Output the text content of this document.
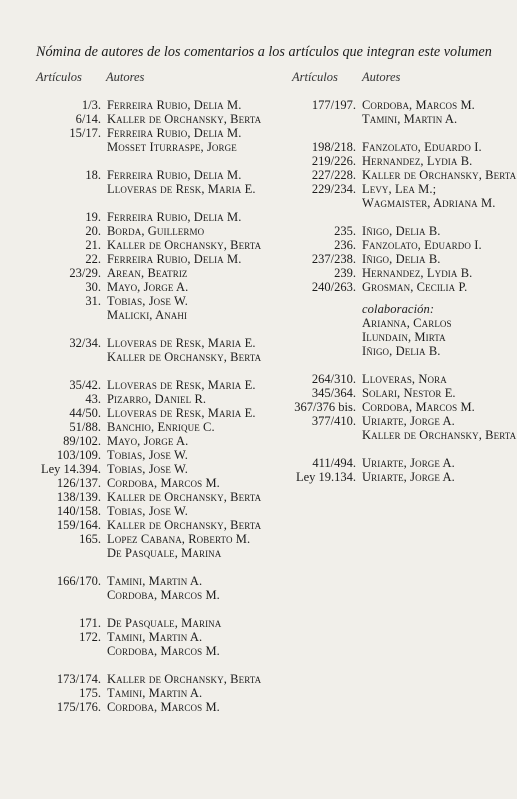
Nómina de autores de los comentarios a los artículos que integran este volumen
Artículos Autores	Artículos Autores
1/3. Ferreira Rubio, Delia M.
6/14. Kaller de Orchansky, Berta
15/17. Ferreira Rubio, Delia M.
Mosset Iturraspe, Jorge
18. Ferreira Rubio, Delia M.
Lloveras de Resk, Maria E.
19. Ferreira Rubio, Delia M.
20. Borda, Guillermo
21. Kaller de Orchansky, Berta
22. Ferreira Rubio, Delia M.
23/29. Arean, Beatriz
30. Mayo, Jorge A.
31. Tobias, Jose W.
Malicki, Anahi
32/34. Lloveras de Resk, Maria E.
Kaller de Orchansky, Berta
35/42. Lloveras de Resk, Maria E.
43. Pizarro, Daniel R.
44/50. Lloveras de Resk, Maria E.
51/88. Banchio, Enrique C.
89/102. Mayo, Jorge A.
103/109. Tobias, Jose W.
Ley 14.394. Tobias, Jose W.
126/137. Cordoba, Marcos M.
138/139. Kaller de Orchansky, Berta
140/158. Tobias, Jose W.
159/164. Kaller de Orchansky, Berta
165. Lopez Cabana, Roberto M.
De Pasquale, Marina
166/170. Tamini, Martin A.
Cordoba, Marcos M.
171. De Pasquale, Marina
172. Tamini, Martin A.
Cordoba, Marcos M.
173/174. Kaller de Orchansky, Berta
175. Tamini, Martin A.
175/176. Cordoba, Marcos M.
177/197. Cordoba, Marcos M.
Tamini, Martin A.
198/218. Fanzolato, Eduardo I.
219/226. Hernandez, Lydia B.
227/228. Kaller de Orchansky, Berta
229/234. Levy, Lea M.;
Wagmaister, Adriana M.
235. Iñigo, Delia B.
236. Fanzolato, Eduardo I.
237/238. Iñigo, Delia B.
239. Hernandez, Lydia B.
240/263. Grosman, Cecilia P.
colaboración:
Arianna, Carlos
Ilundain, Mirta
Iñigo, Delia B.
264/310. Lloveras, Nora
345/364. Solari, Nestor E.
367/376 bis. Cordoba, Marcos M.
377/410. Uriarte, Jorge A.
Kaller de Orchansky, Berta
411/494. Uriarte, Jorge A.
Ley 19.134. Uriarte, Jorge A.
